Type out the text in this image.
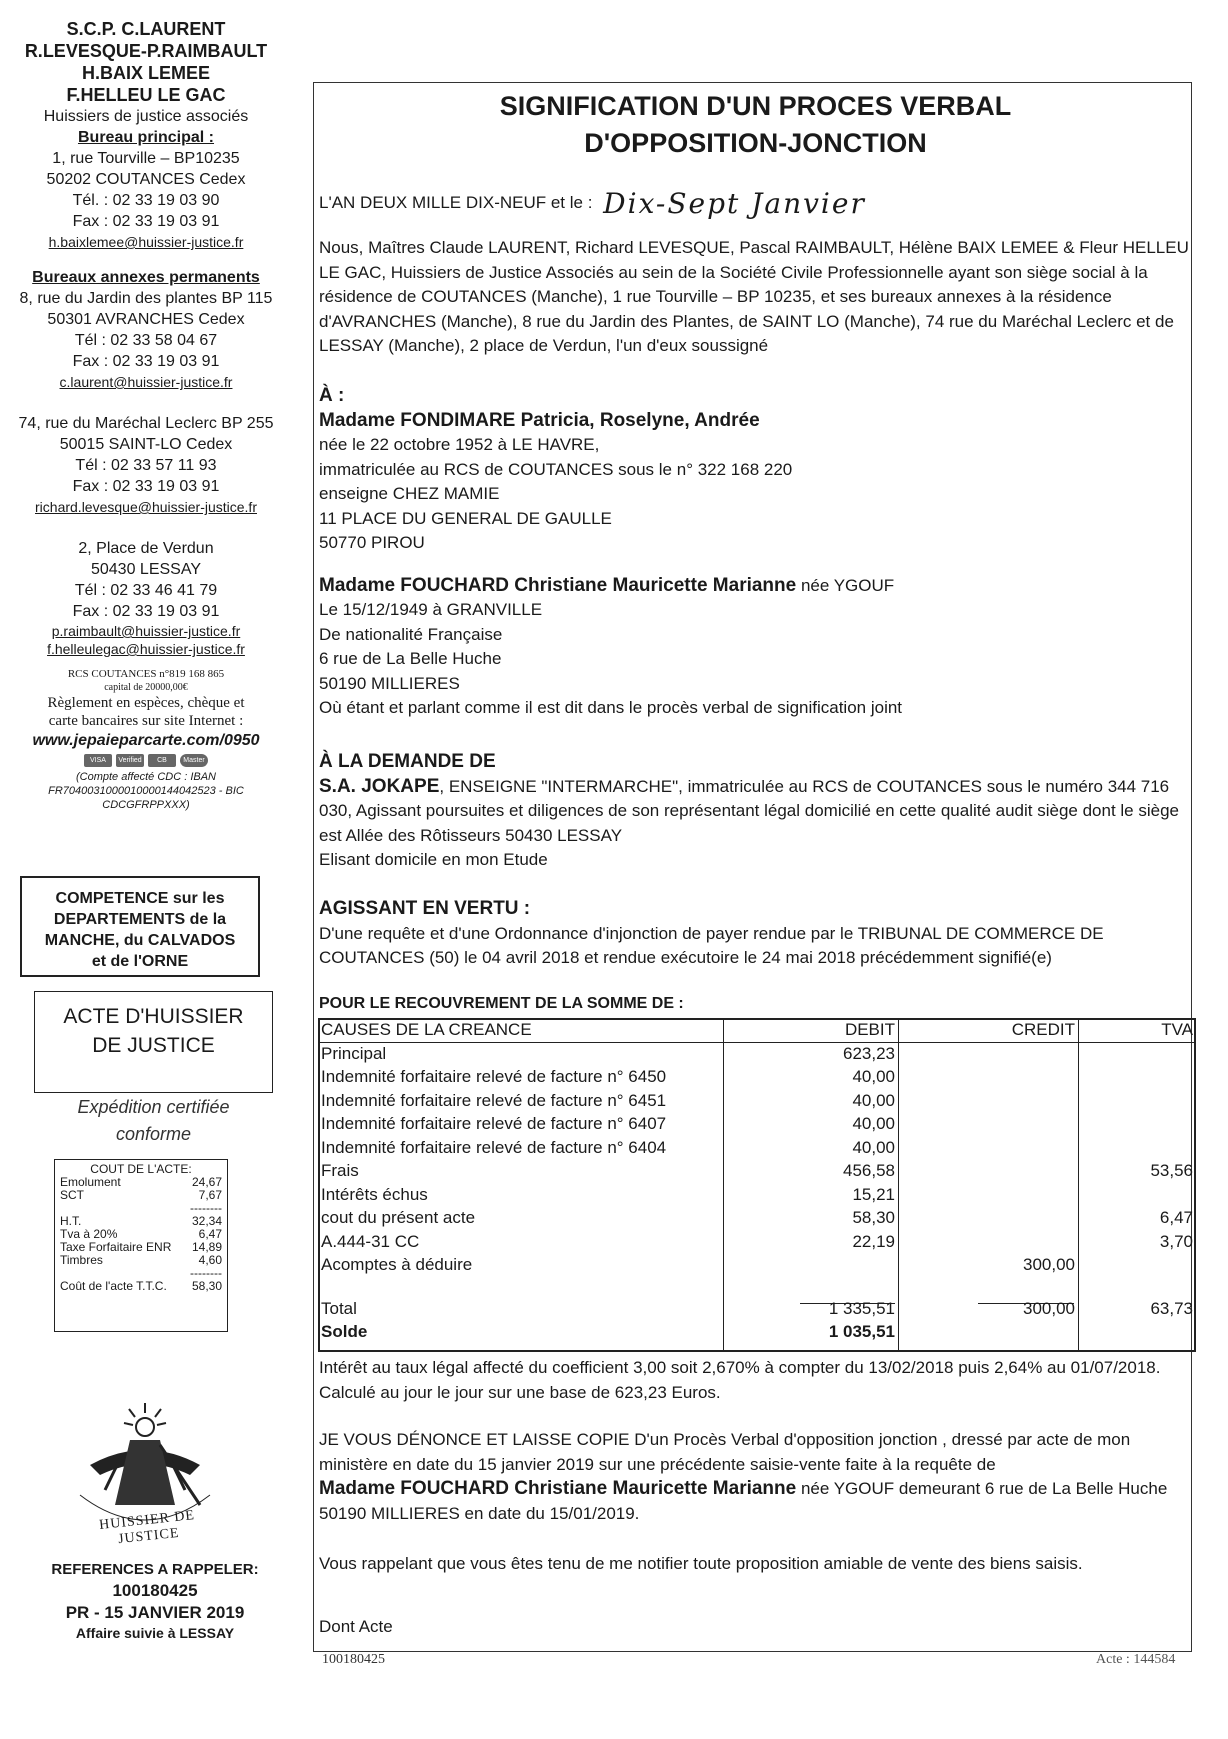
S.C.P. C.LAURENT
R.LEVESQUE-P.RAIMBAULT
H.BAIX LEMEE
F.HELLEU LE GAC
Huissiers de justice associés
Bureau principal :
1, rue Tourville – BP10235
50202 COUTANCES Cedex
Tél. : 02 33 19 03 90
Fax : 02 33 19 03 91
h.baixlemee@huissier-justice.fr
Bureaux annexes permanents
8, rue du Jardin des plantes BP 115
50301 AVRANCHES Cedex
Tél : 02 33 58 04 67
Fax : 02 33 19 03 91
c.laurent@huissier-justice.fr
74, rue du Maréchal Leclerc BP 255
50015 SAINT-LO Cedex
Tél : 02 33 57 11 93
Fax : 02 33 19 03 91
richard.levesque@huissier-justice.fr
2, Place de Verdun
50430 LESSAY
Tél : 02 33 46 41 79
Fax : 02 33 19 03 91
p.raimbault@huissier-justice.fr
f.helleulegac@huissier-justice.fr
RCS COUTANCES n°819 168 865
capital de 20000,00€
Règlement en espèces, chèque et
carte bancaires sur site Internet :
www.jepaieparcarte.com/0950
VISA	Verified	CB	Master
(Compte affecté CDC : IBAN
FR7040031000010000144042523 - BIC
CDCGFRPPXXX)
COMPETENCE sur les
DEPARTEMENTS de la
MANCHE, du CALVADOS
et de l'ORNE
ACTE D'HUISSIER
DE JUSTICE
Expédition certifiée
conforme
COUT DE L'ACTE:
Emolument	24,67
SCT	7,67
--------
H.T.	32,34
Tva à 20%	6,47
Taxe Forfaitaire ENR 14,89
Timbres	4,60
--------
Coût de l'acte T.T.C. 58,30
HUISSIER DE JUSTICE
REFERENCES A RAPPELER:
100180425
PR - 15 JANVIER 2019
Affaire suivie à LESSAY
SIGNIFICATION D'UN PROCES VERBAL
D'OPPOSITION-JONCTION
L'AN DEUX MILLE DIX-NEUF et le : Dix-Sept Janvier
Nous, Maîtres Claude LAURENT, Richard LEVESQUE, Pascal RAIMBAULT, Hélène BAIX LEMEE & Fleur HELLEU LE GAC, Huissiers de Justice Associés au sein de la Société Civile Professionnelle ayant son siège social à la résidence de COUTANCES (Manche), 1 rue Tourville – BP 10235, et ses bureaux annexes à la résidence d'AVRANCHES (Manche), 8 rue du Jardin des Plantes, de SAINT LO (Manche), 74 rue du Maréchal Leclerc et de LESSAY (Manche), 2 place de Verdun, l'un d'eux soussigné
À :
Madame FONDIMARE Patricia, Roselyne, Andrée
née le 22 octobre 1952 à LE HAVRE,
immatriculée au RCS de COUTANCES sous le n° 322 168 220
enseigne CHEZ MAMIE
11 PLACE DU GENERAL DE GAULLE
50770 PIROU
Madame FOUCHARD Christiane Mauricette Marianne née YGOUF
Le 15/12/1949 à GRANVILLE
De nationalité Française
6 rue de La Belle Huche
50190 MILLIERES
Où étant et parlant comme il est dit dans le procès verbal de signification joint
À LA DEMANDE DE
S.A. JOKAPE, ENSEIGNE "INTERMARCHE", immatriculée au RCS de COUTANCES sous le numéro 344 716 030, Agissant poursuites et diligences de son représentant légal domicilié en cette qualité audit siège dont le siège est Allée des Rôtisseurs 50430 LESSAY
Elisant domicile en mon Etude
AGISSANT EN VERTU :
D'une requête et d'une Ordonnance d'injonction de payer rendue par le TRIBUNAL DE COMMERCE DE COUTANCES (50) le 04 avril 2018 et rendue exécutoire le 24 mai 2018 précédemment signifié(e)
POUR LE RECOUVREMENT DE LA SOMME DE :
CAUSES DE LA CREANCE	DEBIT	CREDIT	TVA
Principal	623,23		
Indemnité forfaitaire relevé de facture n° 6450	40,00		
Indemnité forfaitaire relevé de facture n° 6451	40,00		
Indemnité forfaitaire relevé de facture n° 6407	40,00		
Indemnité forfaitaire relevé de facture n° 6404	40,00		
Frais	456,58		53,56
Intérêts échus	15,21		
cout du présent acte	58,30		6,47
A.444-31 CC	22,19		3,70
Acomptes à déduire		300,00	

Total	1 335,51	300,00	63,73
Solde	1 035,51		
Intérêt au taux légal affecté du coefficient 3,00 soit 2,670% à compter du 13/02/2018 puis 2,64% au 01/07/2018. Calculé au jour le jour sur une base de 623,23 Euros.
JE VOUS DÉNONCE ET LAISSE COPIE D'un Procès Verbal d'opposition jonction , dressé par acte de mon ministère en date du 15 janvier 2019 sur une précédente saisie-vente faite à la requête de
Madame FOUCHARD Christiane Mauricette Marianne née YGOUF demeurant 6 rue de La Belle Huche 50190 MILLIERES en date du 15/01/2019.
Vous rappelant que vous êtes tenu de me notifier toute proposition amiable de vente des biens saisis.
Dont Acte
100180425	Acte : 144584
